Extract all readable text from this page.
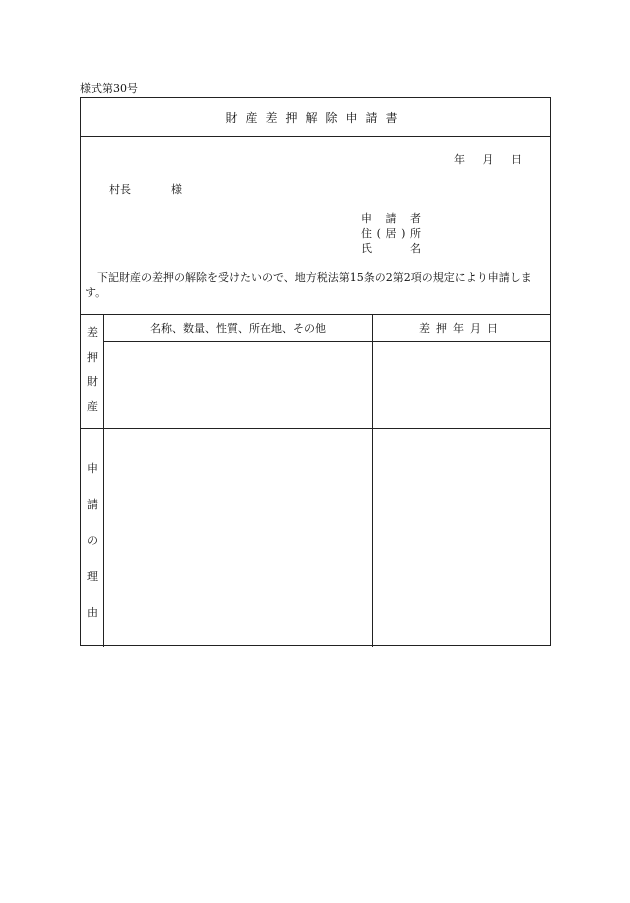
様式第30号
財産差押解除申請書
年 月 日
村長	様
申請者
住(居)所
氏名
下記財産の差押の解除を受けたいので、地方税法第15条の2第2項の規定により申請します。
名称、数量、性質、所在地、その他	差押年月日
差
押
財
産
申
請
の
理
由
